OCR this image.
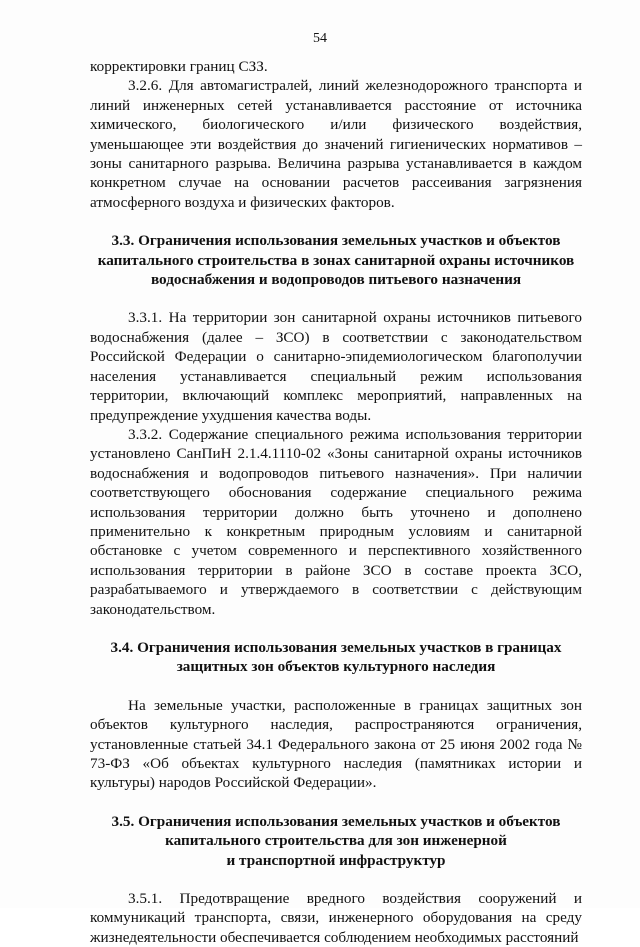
54

корректировки границ СЗЗ.

3.2.6. Для автомагистралей, линий железнодорожного транспорта и линий инженерных сетей устанавливается расстояние от источника химического, биологического и/или физического воздействия, уменьшающее эти воздействия до значений гигиенических нормативов – зоны санитарного разрыва. Величина разрыва устанавливается в каждом конкретном случае на основании расчетов рассеивания загрязнения атмосферного воздуха и физических факторов.

3.3. Ограничения использования земельных участков и объектов
капитального строительства в зонах санитарной охраны источников
водоснабжения и водопроводов питьевого назначения

3.3.1. На территории зон санитарной охраны источников питьевого водоснабжения (далее – ЗСО) в соответствии с законодательством Российской Федерации о санитарно-эпидемиологическом благополучии населения устанавливается специальный режим использования территории, включающий комплекс мероприятий, направленных на предупреждение ухудшения качества воды.

3.3.2. Содержание специального режима использования территории установлено СанПиН 2.1.4.1110-02 «Зоны санитарной охраны источников водоснабжения и водопроводов питьевого назначения». При наличии соответствующего обоснования содержание специального режима использования территории должно быть уточнено и дополнено применительно к конкретным природным условиям и санитарной обстановке с учетом современного и перспективного хозяйственного использования территории в районе ЗСО в составе проекта ЗСО, разрабатываемого и утверждаемого в соответствии с действующим законодательством.

3.4. Ограничения использования земельных участков в границах
защитных зон объектов культурного наследия

На земельные участки, расположенные в границах защитных зон объектов культурного наследия, распространяются ограничения, установленные статьей 34.1 Федерального закона от 25 июня 2002 года № 73-ФЗ «Об объектах культурного наследия (памятниках истории и культуры) народов Российской Федерации».

3.5. Ограничения использования земельных участков и объектов
капитального строительства для зон инженерной
и транспортной инфраструктур

3.5.1. Предотвращение вредного воздействия сооружений и коммуникаций транспорта, связи, инженерного оборудования на среду жизнедеятельности обеспечивается соблюдением необходимых расстояний
